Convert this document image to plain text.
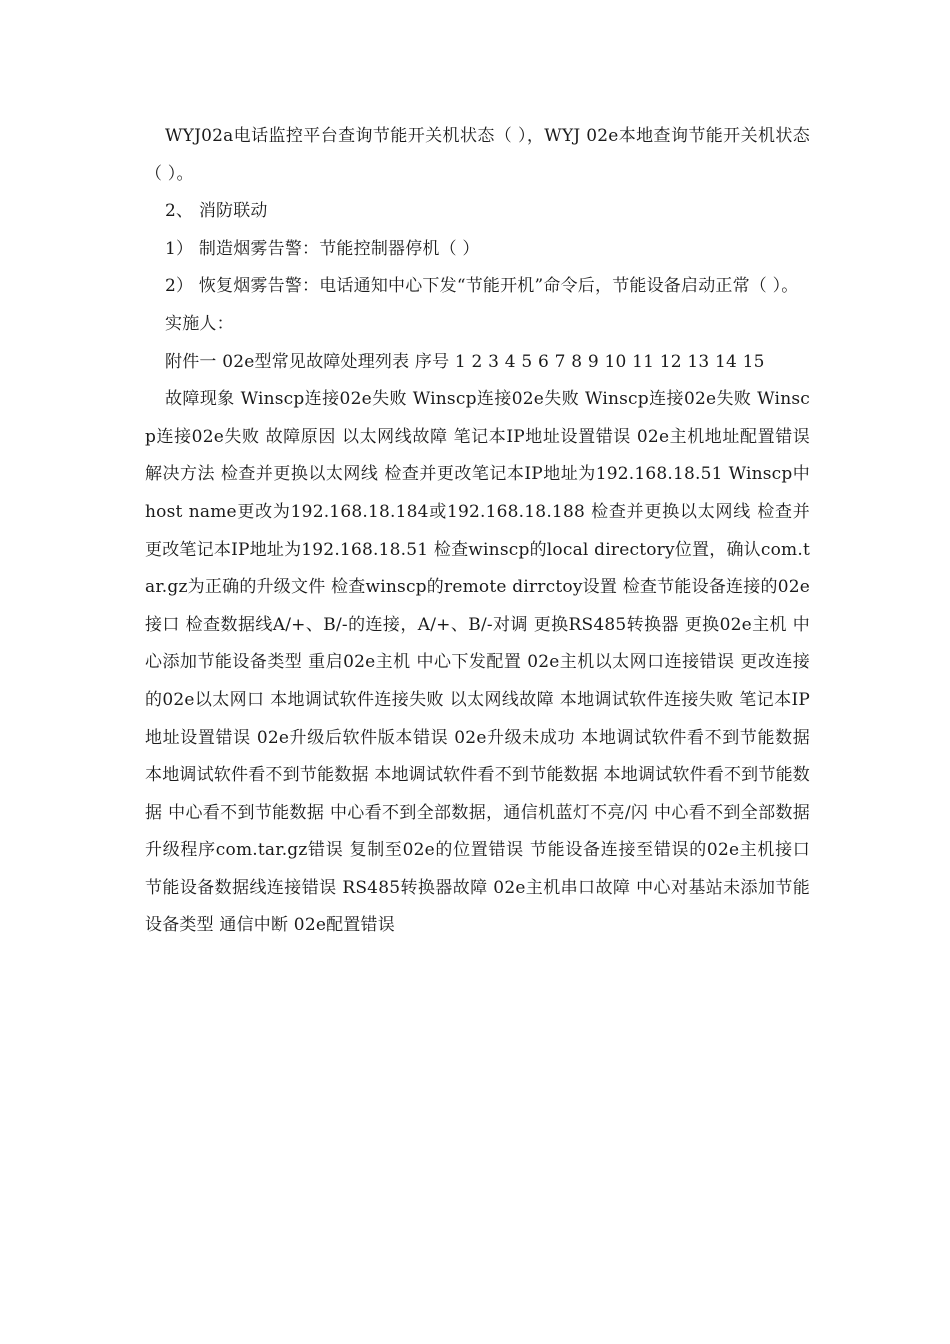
WYJ02a电话监控平台查询节能开关机状态（ ），WYJ 02e本地查询节能开关机状态（ ）。

2、 消防联动

1） 制造烟雾告警：节能控制器停机（ ）

2） 恢复烟雾告警：电话通知中心下发“节能开机”命令后，节能设备启动正常（ ）。

实施人：

附件一 02e型常见故障处理列表 序号 1 2 3 4 5 6 7 8 9 10 11 12 13 14 15

故障现象 Winscp连接02e失败 Winscp连接02e失败 Winscp连接02e失败 Winscp连接02e失败 故障原因 以太网线故障 笔记本IP地址设置错误 02e主机地址配置错误 解决方法 检查并更换以太网线 检查并更改笔记本IP地址为192.168.18.51 Winscp中host name更改为192.168.18.184或192.168.18.188 检查并更换以太网线 检查并更改笔记本IP地址为192.168.18.51 检查winscp的local directory位置，确认com.tar.gz为正确的升级文件 检查winscp的remote dirrctoy设置 检查节能设备连接的02e接口 检查数据线A/+、B/-的连接，A/+、B/-对调 更换RS485转换器 更换02e主机 中心添加节能设备类型 重启02e主机 中心下发配置 02e主机以太网口连接错误 更改连接的02e以太网口 本地调试软件连接失败 以太网线故障 本地调试软件连接失败 笔记本IP地址设置错误 02e升级后软件版本错误 02e升级未成功 本地调试软件看不到节能数据 本地调试软件看不到节能数据 本地调试软件看不到节能数据 本地调试软件看不到节能数据 中心看不到节能数据 中心看不到全部数据，通信机蓝灯不亮/闪 中心看不到全部数据 升级程序com.tar.gz错误 复制至02e的位置错误 节能设备连接至错误的02e主机接口 节能设备数据线连接错误 RS485转换器故障 02e主机串口故障 中心对基站未添加节能设备类型 通信中断 02e配置错误
